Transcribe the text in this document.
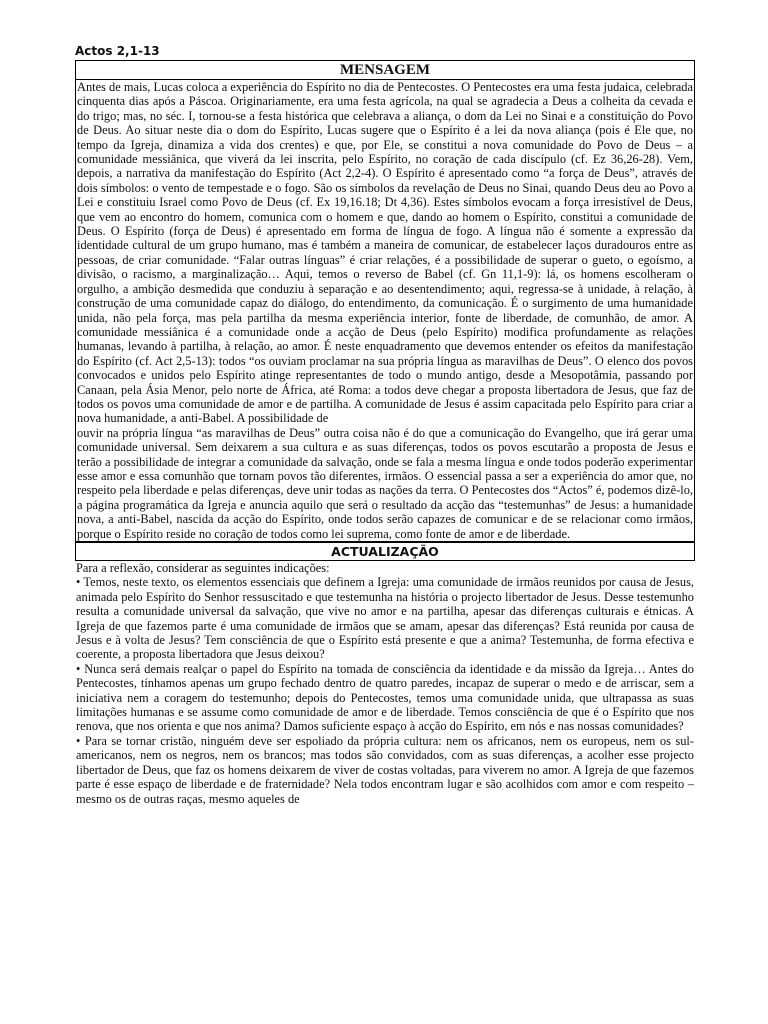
Actos 2,1-13
MENSAGEM

Antes de mais, Lucas coloca a experiência do Espírito no dia de Pentecostes. O Pentecostes era uma festa judaica, celebrada cinquenta dias após a Páscoa. Originariamente, era uma festa agrícola, na qual se agradecia a Deus a colheita da cevada e do trigo; mas, no séc. I, tornou-se a festa histórica que celebrava a aliança, o dom da Lei no Sinai e a constituição do Povo de Deus. Ao situar neste dia o dom do Espírito, Lucas sugere que o Espírito é a lei da nova aliança (pois é Ele que, no tempo da Igreja, dinamiza a vida dos crentes) e que, por Ele, se constitui a nova comunidade do Povo de Deus – a comunidade messiânica, que viverá da lei inscrita, pelo Espírito, no coração de cada discípulo (cf. Ez 36,26-28). Vem, depois, a narrativa da manifestação do Espírito (Act 2,2-4). O Espírito é apresentado como “a força de Deus”, através de dois símbolos: o vento de tempestade e o fogo. São os símbolos da revelação de Deus no Sinai, quando Deus deu ao Povo a Lei e constituiu Israel como Povo de Deus (cf. Ex 19,16.18; Dt 4,36). Estes símbolos evocam a força irresistível de Deus, que vem ao encontro do homem, comunica com o homem e que, dando ao homem o Espírito, constitui a comunidade de Deus. O Espírito (força de Deus) é apresentado em forma de língua de fogo. A língua não é somente a expressão da identidade cultural de um grupo humano, mas é também a maneira de comunicar, de estabelecer laços duradouros entre as pessoas, de criar comunidade. “Falar outras línguas” é criar relações, é a possibilidade de superar o gueto, o egoísmo, a divisão, o racismo, a marginalização… Aqui, temos o reverso de Babel (cf. Gn 11,1-9): lá, os homens escolheram o orgulho, a ambição desmedida que conduziu à separação e ao desentendimento; aqui, regressa-se à unidade, à relação, à construção de uma comunidade capaz do diálogo, do entendimento, da comunicação. É o surgimento de uma humanidade unida, não pela força, mas pela partilha da mesma experiência interior, fonte de liberdade, de comunhão, de amor. A comunidade messiânica é a comunidade onde a acção de Deus (pelo Espírito) modifica profundamente as relações humanas, levando à partilha, à relação, ao amor. É neste enquadramento que devemos entender os efeitos da manifestação do Espírito (cf. Act 2,5-13): todos “os ouviam proclamar na sua própria língua as maravilhas de Deus”. O elenco dos povos convocados e unidos pelo Espírito atinge representantes de todo o mundo antigo, desde a Mesopotâmia, passando por Canaan, pela Ásia Menor, pelo norte de África, até Roma: a todos deve chegar a proposta libertadora de Jesus, que faz de todos os povos uma comunidade de amor e de partilha. A comunidade de Jesus é assim capacitada pelo Espírito para criar a nova humanidade, a anti-Babel. A possibilidade de

ouvir na própria língua “as maravilhas de Deus” outra coisa não é do que a comunicação do Evangelho, que irá gerar uma comunidade universal. Sem deixarem a sua cultura e as suas diferenças, todos os povos escutarão a proposta de Jesus e terão a possibilidade de integrar a comunidade da salvação, onde se fala a mesma língua e onde todos poderão experimentar esse amor e essa comunhão que tornam povos tão diferentes, irmãos. O essencial passa a ser a experiência do amor que, no respeito pela liberdade e pelas diferenças, deve unir todas as nações da terra. O Pentecostes dos “Actos” é, podemos dizê-lo, a página programática da Igreja e anuncia aquilo que será o resultado da acção das “testemunhas” de Jesus: a humanidade nova, a anti-Babel, nascida da acção do Espírito, onde todos serão capazes de comunicar e de se relacionar como irmãos, porque o Espírito reside no coração de todos como lei suprema, como fonte de amor e de liberdade.

ACTUALIZAÇÃO

Para a reflexão, considerar as seguintes indicações:

• Temos, neste texto, os elementos essenciais que definem a Igreja: uma comunidade de irmãos reunidos por causa de Jesus, animada pelo Espírito do Senhor ressuscitado e que testemunha na história o projecto libertador de Jesus. Desse testemunho resulta a comunidade universal da salvação, que vive no amor e na partilha, apesar das diferenças culturais e étnicas. A Igreja de que fazemos parte é uma comunidade de irmãos que se amam, apesar das diferenças? Está reunida por causa de Jesus e à volta de Jesus? Tem consciência de que o Espírito está presente e que a anima? Testemunha, de forma efectiva e coerente, a proposta libertadora que Jesus deixou?

• Nunca será demais realçar o papel do Espírito na tomada de consciência da identidade e da missão da Igreja… Antes do Pentecostes, tínhamos apenas um grupo fechado dentro de quatro paredes, incapaz de superar o medo e de arriscar, sem a iniciativa nem a coragem do testemunho; depois do Pentecostes, temos uma comunidade unida, que ultrapassa as suas limitações humanas e se assume como comunidade de amor e de liberdade. Temos consciência de que é o Espírito que nos renova, que nos orienta e que nos anima? Damos suficiente espaço à acção do Espírito, em nós e nas nossas comunidades?

• Para se tornar cristão, ninguém deve ser espoliado da própria cultura: nem os africanos, nem os europeus, nem os sul-americanos, nem os negros, nem os brancos; mas todos são convidados, com as suas diferenças, a acolher esse projecto libertador de Deus, que faz os homens deixarem de viver de costas voltadas, para viverem no amor. A Igreja de que fazemos parte é esse espaço de liberdade e de fraternidade? Nela todos encontram lugar e são acolhidos com amor e com respeito – mesmo os de outras raças, mesmo aqueles de
